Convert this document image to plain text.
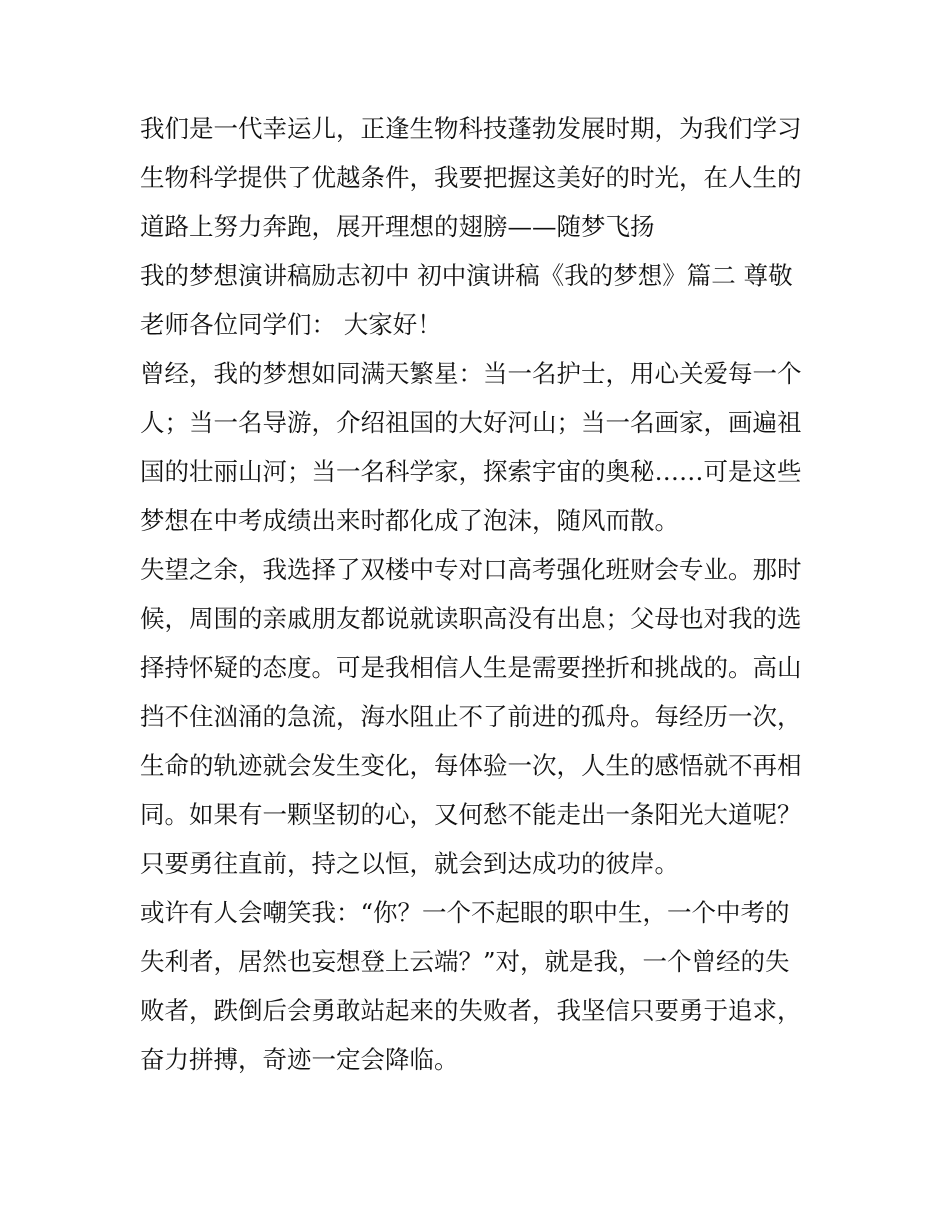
我们是一代幸运儿，正逢生物科技蓬勃发展时期，为我们学习
生物科学提供了优越条件，我要把握这美好的时光，在人生的
道路上努力奔跑，展开理想的翅膀——随梦飞扬

我的梦想演讲稿励志初中 初中演讲稿《我的梦想》篇二 尊敬
老师各位同学们： 大家好！

曾经，我的梦想如同满天繁星：当一名护士，用心关爱每一个
人；当一名导游，介绍祖国的大好河山；当一名画家，画遍祖
国的壮丽山河；当一名科学家，探索宇宙的奥秘……可是这些
梦想在中考成绩出来时都化成了泡沫，随风而散。

失望之余，我选择了双楼中专对口高考强化班财会专业。那时
候，周围的亲戚朋友都说就读职高没有出息；父母也对我的选
择持怀疑的态度。可是我相信人生是需要挫折和挑战的。高山
挡不住汹涌的急流，海水阻止不了前进的孤舟。每经历一次，
生命的轨迹就会发生变化，每体验一次，人生的感悟就不再相
同。如果有一颗坚韧的心，又何愁不能走出一条阳光大道呢？
只要勇往直前，持之以恒，就会到达成功的彼岸。

或许有人会嘲笑我：“你？一个不起眼的职中生，一个中考的
失利者，居然也妄想登上云端？”对，就是我，一个曾经的失
败者，跌倒后会勇敢站起来的失败者，我坚信只要勇于追求，
奋力拼搏，奇迹一定会降临。
